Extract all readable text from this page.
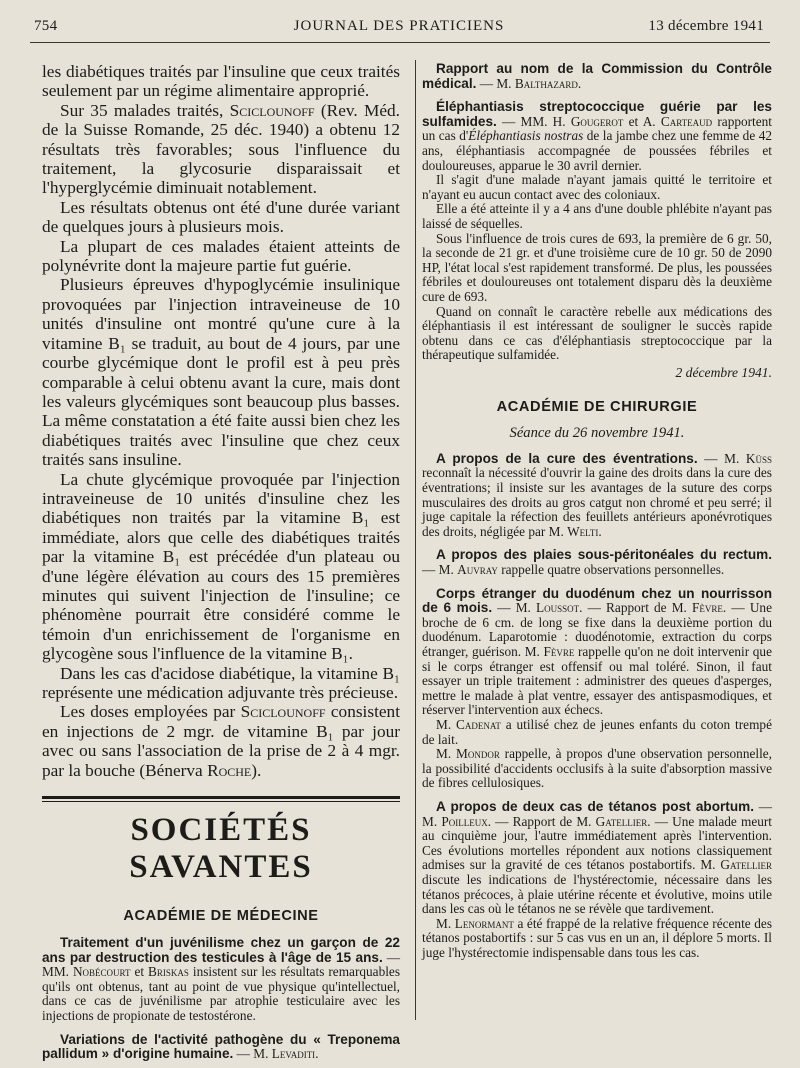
754	JOURNAL DES PRATICIENS	13 décembre 1941

les diabétiques traités par l'insuline que ceux traités seulement par un régime alimentaire approprié.

Sur 35 malades traités, Sciclounoff (Rev. Méd. de la Suisse Romande, 25 déc. 1940) a obtenu 12 résultats très favorables; sous l'influence du traitement, la glycosurie disparaissait et l'hyperglycémie diminuait notablement.

Les résultats obtenus ont été d'une durée variant de quelques jours à plusieurs mois.

La plupart de ces malades étaient atteints de polynévrite dont la majeure partie fut guérie.

Plusieurs épreuves d'hypoglycémie insulinique provoquées par l'injection intraveineuse de 10 unités d'insuline ont montré qu'une cure à la vitamine B₁ se traduit, au bout de 4 jours, par une courbe glycémique dont le profil est à peu près comparable à celui obtenu avant la cure, mais dont les valeurs glycémiques sont beaucoup plus basses. La même constatation a été faite aussi bien chez les diabétiques traités avec l'insuline que chez ceux traités sans insuline.

La chute glycémique provoquée par l'injection intraveineuse de 10 unités d'insuline chez les diabétiques non traités par la vitamine B₁ est immédiate, alors que celle des diabétiques traités par la vitamine B₁ est précédée d'un plateau ou d'une légère élévation au cours des 15 premières minutes qui suivent l'injection de l'insuline; ce phénomène pourrait être considéré comme le témoin d'un enrichissement de l'organisme en glycogène sous l'influence de la vitamine B₁.

Dans les cas d'acidose diabétique, la vitamine B₁ représente une médication adjuvante très précieuse.

Les doses employées par Sciclounoff consistent en injections de 2 mgr. de vitamine B₁ par jour avec ou sans l'association de la prise de 2 à 4 mgr. par la bouche (Bénerva Roche).

SOCIÉTÉS SAVANTES
ACADÉMIE DE MÉDECINE

Traitement d'un juvénilisme chez un garçon de 22 ans par destruction des testicules à l'âge de 15 ans. — MM. Nobécourt et Briskas insistent sur les résultats remarquables qu'ils ont obtenus, tant au point de vue physique qu'intellectuel, dans ce cas de juvénilisme par atrophie testiculaire avec les injections de propionate de testostérone.

Variations de l'activité pathogène du « Treponema pallidum » d'origine humaine. — M. Levaditi.

Rapport au nom de la Commission du Contrôle médical. — M. Balthazard.

Éléphantiasis streptococcique guérie par les sulfamides. — MM. H. Gougerot et A. Carteaud rapportent un cas d'Éléphantiasis nostras de la jambe chez une femme de 42 ans, éléphantiasis accompagnée de poussées fébriles et douloureuses, apparue le 30 avril dernier.

Il s'agit d'une malade n'ayant jamais quitté le territoire et n'ayant eu aucun contact avec des coloniaux.

Elle a été atteinte il y a 4 ans d'une double phlébite n'ayant pas laissé de séquelles.

Sous l'influence de trois cures de 693, la première de 6 gr. 50, la seconde de 21 gr. et d'une troisième cure de 10 gr. 50 de 2090 HP, l'état local s'est rapidement transformé. De plus, les poussées fébriles et douloureuses ont totalement disparu dès la deuxième cure de 693.

Quand on connaît le caractère rebelle aux médications des éléphantiasis il est intéressant de souligner le succès rapide obtenu dans ce cas d'éléphantiasis streptococcique par la thérapeutique sulfamidée.

2 décembre 1941.
ACADÉMIE DE CHIRURGIE
Séance du 26 novembre 1941.

A propos de la cure des éventrations. — M. Küss reconnaît la nécessité d'ouvrir la gaine des droits dans la cure des éventrations; il insiste sur les avantages de la suture des corps musculaires des droits au gros catgut non chromé et peu serré; il juge capitale la réfection des feuillets antérieurs aponévrotiques des droits, négligée par M. Welti.

A propos des plaies sous-péritonéales du rectum. — M. Auvray rappelle quatre observations personnelles.

Corps étranger du duodénum chez un nourrisson de 6 mois. — M. Loussot. — Rapport de M. Fèvre. — Une broche de 6 cm. de long se fixe dans la deuxième portion du duodénum. Laparotomie : duodénotomie, extraction du corps étranger, guérison. M. Fèvre rappelle qu'on ne doit intervenir que si le corps étranger est offensif ou mal toléré. Sinon, il faut essayer un triple traitement : administrer des queues d'asperges, mettre le malade à plat ventre, essayer des antispasmodiques, et réserver l'intervention aux échecs.

M. Cadenat a utilisé chez de jeunes enfants du coton trempé de lait.

M. Mondor rappelle, à propos d'une observation personnelle, la possibilité d'accidents occlusifs à la suite d'absorption massive de fibres cellulosiques.

A propos de deux cas de tétanos post abortum. — M. Poilleux. — Rapport de M. Gatellier. — Une malade meurt au cinquième jour, l'autre immédiatement après l'intervention. Ces évolutions mortelles répondent aux notions classiquement admises sur la gravité de ces tétanos postabortifs. M. Gatellier discute les indications de l'hystérectomie, nécessaire dans les tétanos précoces, à plaie utérine récente et évolutive, moins utile dans les cas où le tétanos ne se révèle que tardivement.

M. Lenormant a été frappé de la relative fréquence récente des tétanos postabortifs : sur 5 cas vus en un an, il déplore 5 morts. Il juge l'hystérectomie indispensable dans tous les cas.
